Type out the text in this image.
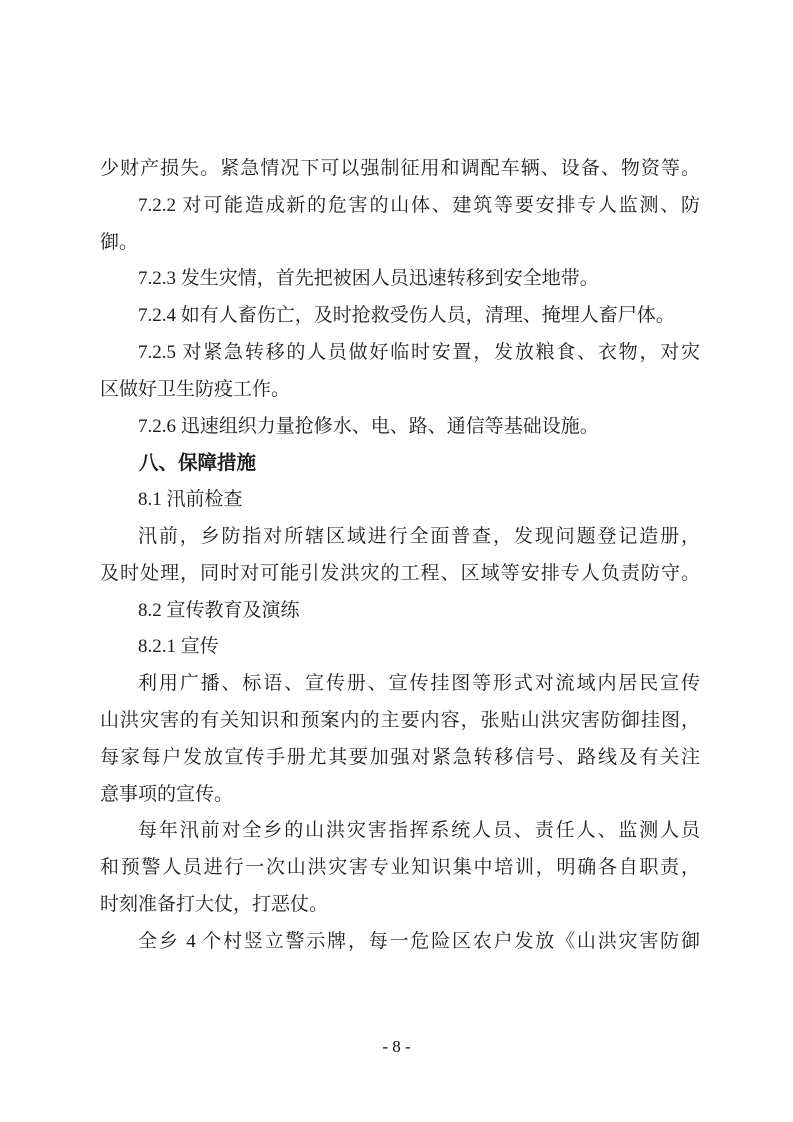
少财产损失。紧急情况下可以强制征用和调配车辆、设备、物资等。
7.2.2 对可能造成新的危害的山体、建筑等要安排专人监测、防
御。
7.2.3 发生灾情，首先把被困人员迅速转移到安全地带。
7.2.4 如有人畜伤亡，及时抢救受伤人员，清理、掩埋人畜尸体。
7.2.5 对紧急转移的人员做好临时安置，发放粮食、衣物，对灾
区做好卫生防疫工作。
7.2.6 迅速组织力量抢修水、电、路、通信等基础设施。
八、保障措施
8.1 汛前检查
汛前，乡防指对所辖区域进行全面普查，发现问题登记造册，
及时处理，同时对可能引发洪灾的工程、区域等安排专人负责防守。
8.2 宣传教育及演练
8.2.1 宣传
利用广播、标语、宣传册、宣传挂图等形式对流域内居民宣传
山洪灾害的有关知识和预案内的主要内容，张贴山洪灾害防御挂图，
每家每户发放宣传手册尤其要加强对紧急转移信号、路线及有关注
意事项的宣传。
每年汛前对全乡的山洪灾害指挥系统人员、责任人、监测人员
和预警人员进行一次山洪灾害专业知识集中培训，明确各自职责，
时刻准备打大仗，打恶仗。
全乡 4 个村竖立警示牌，每一危险区农户发放《山洪灾害防御
- 8 -
